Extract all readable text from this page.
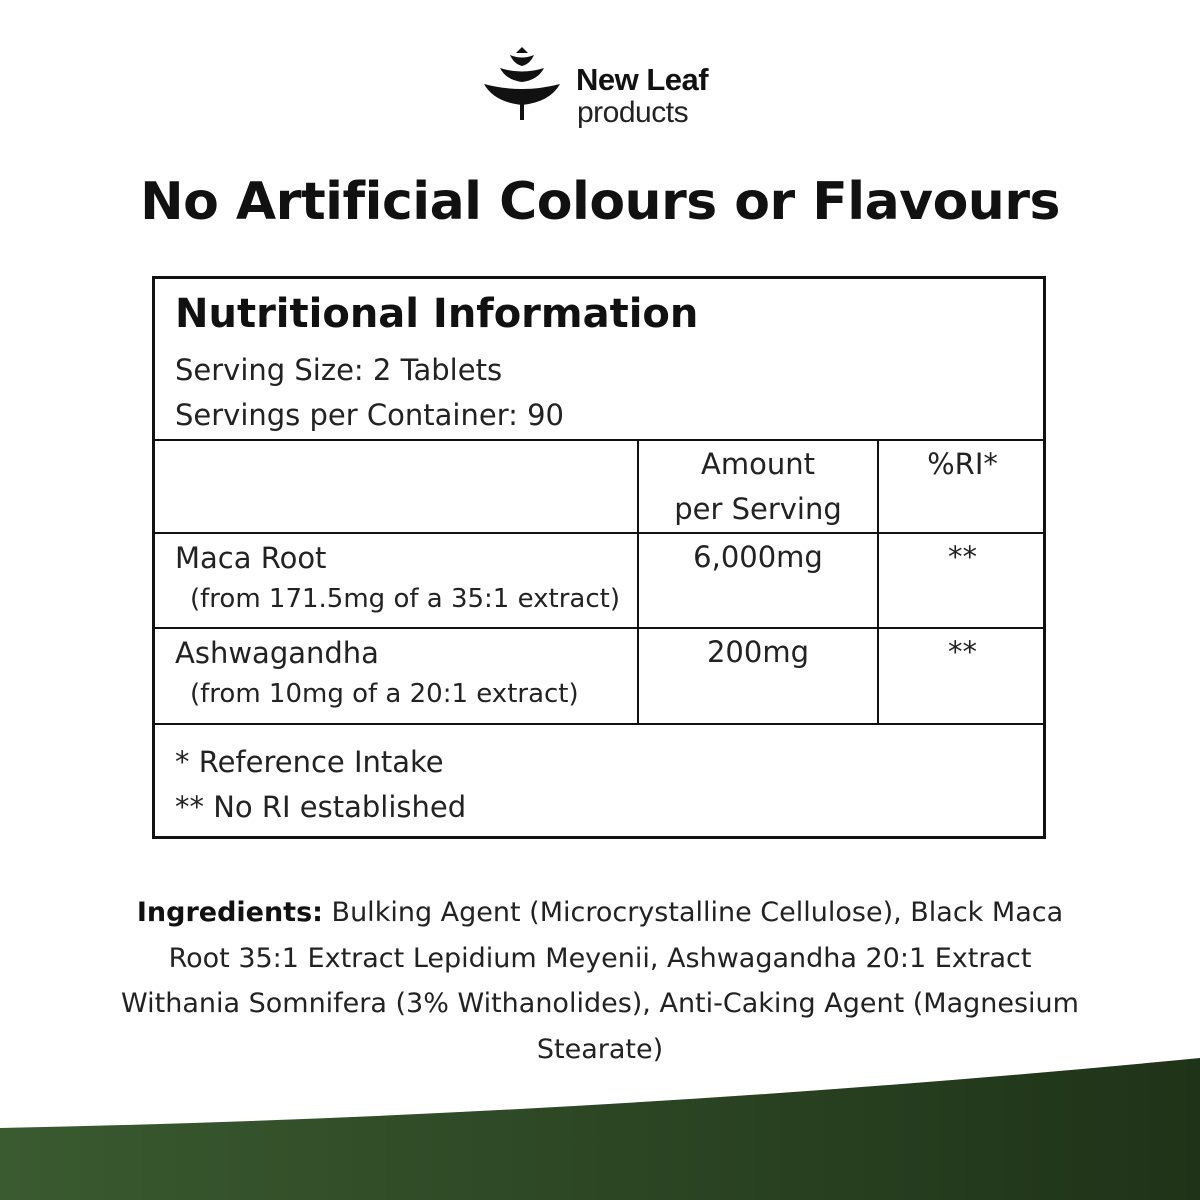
New Leaf
products
No Artificial Colours or Flavours
Nutritional Information
Serving Size: 2 Tablets
Servings per Container: 90
Amount
per Serving
%RI*
Maca Root
(from 171.5mg of a 35:1 extract)
6,000mg	**
Ashwagandha
(from 10mg of a 20:1 extract)
200mg	**
* Reference Intake
** No RI established
Ingredients: Bulking Agent (Microcrystalline Cellulose), Black Maca Root 35:1 Extract Lepidium Meyenii, Ashwagandha 20:1 Extract Withania Somnifera (3% Withanolides), Anti-Caking Agent (Magnesium Stearate)
